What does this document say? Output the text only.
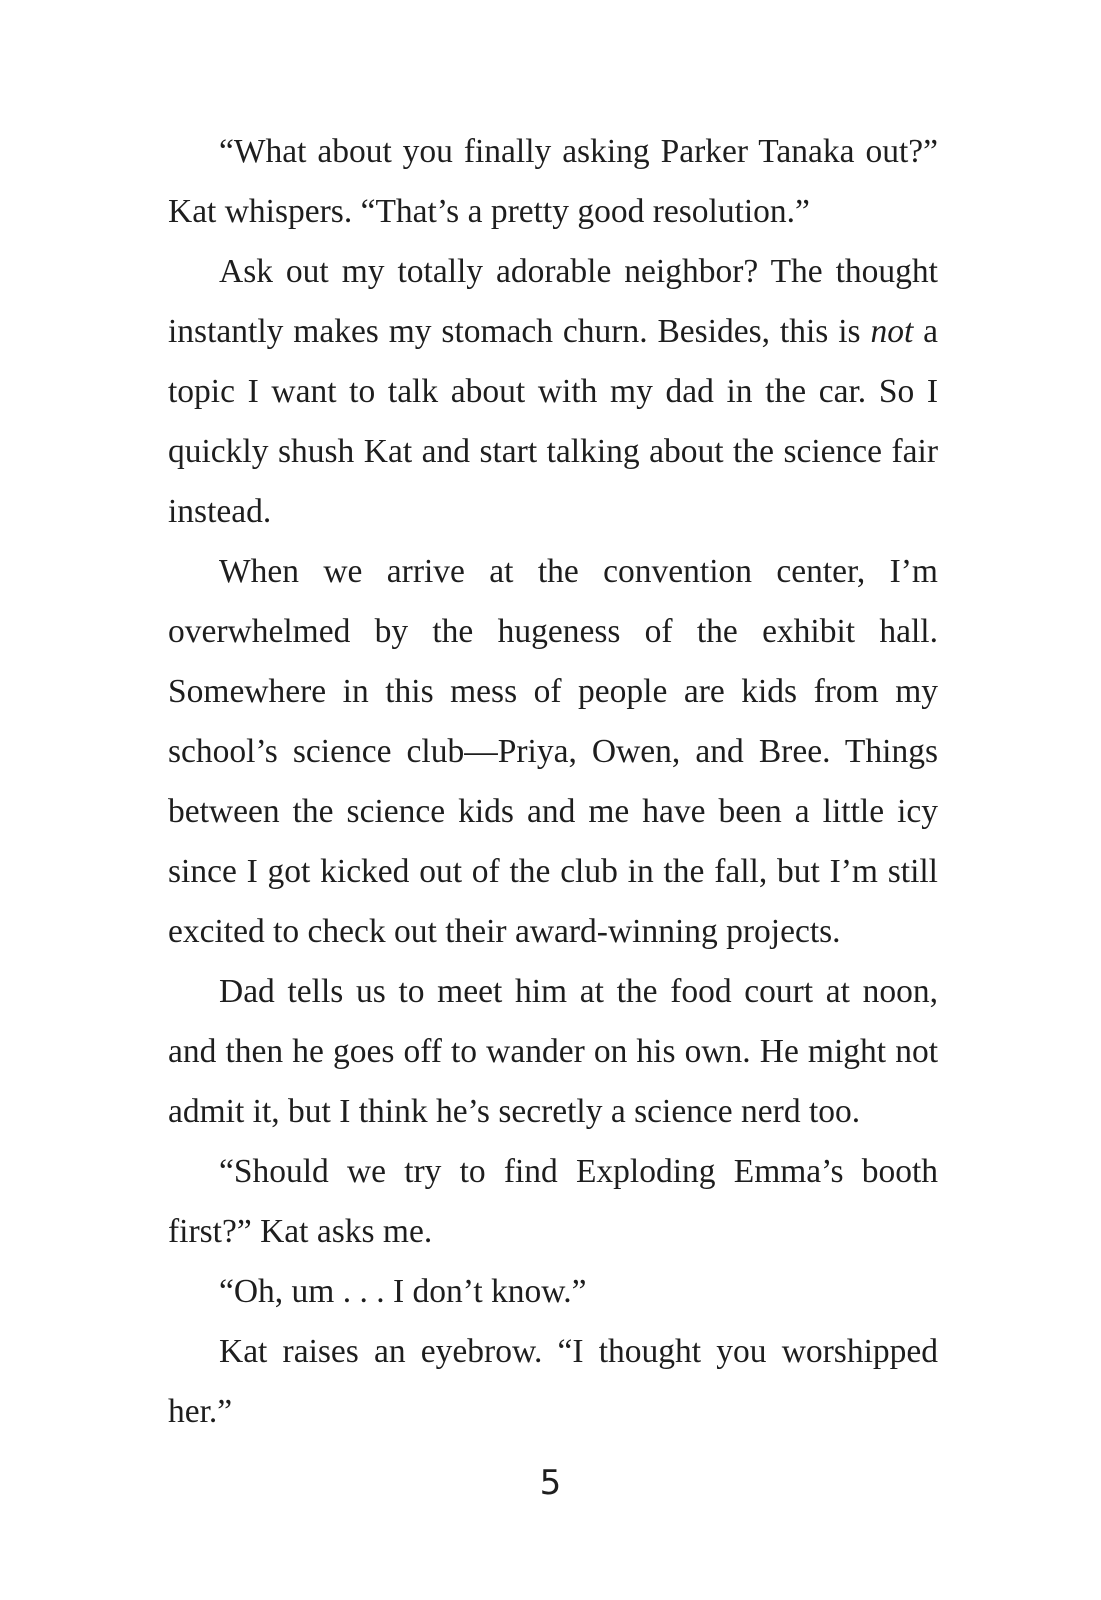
“What about you finally asking Parker Tanaka out?” Kat whispers. “That’s a pretty good resolution.”

Ask out my totally adorable neighbor? The thought instantly makes my stomach churn. Besides, this is not a topic I want to talk about with my dad in the car. So I quickly shush Kat and start talking about the science fair instead.

When we arrive at the convention center, I’m overwhelmed by the hugeness of the exhibit hall. Somewhere in this mess of people are kids from my school’s science club—Priya, Owen, and Bree. Things between the science kids and me have been a little icy since I got kicked out of the club in the fall, but I’m still excited to check out their award-winning projects.

Dad tells us to meet him at the food court at noon, and then he goes off to wander on his own. He might not admit it, but I think he’s secretly a science nerd too.

“Should we try to find Exploding Emma’s booth first?” Kat asks me.

“Oh, um . . . I don’t know.”

Kat raises an eyebrow. “I thought you worshipped her.”

5
